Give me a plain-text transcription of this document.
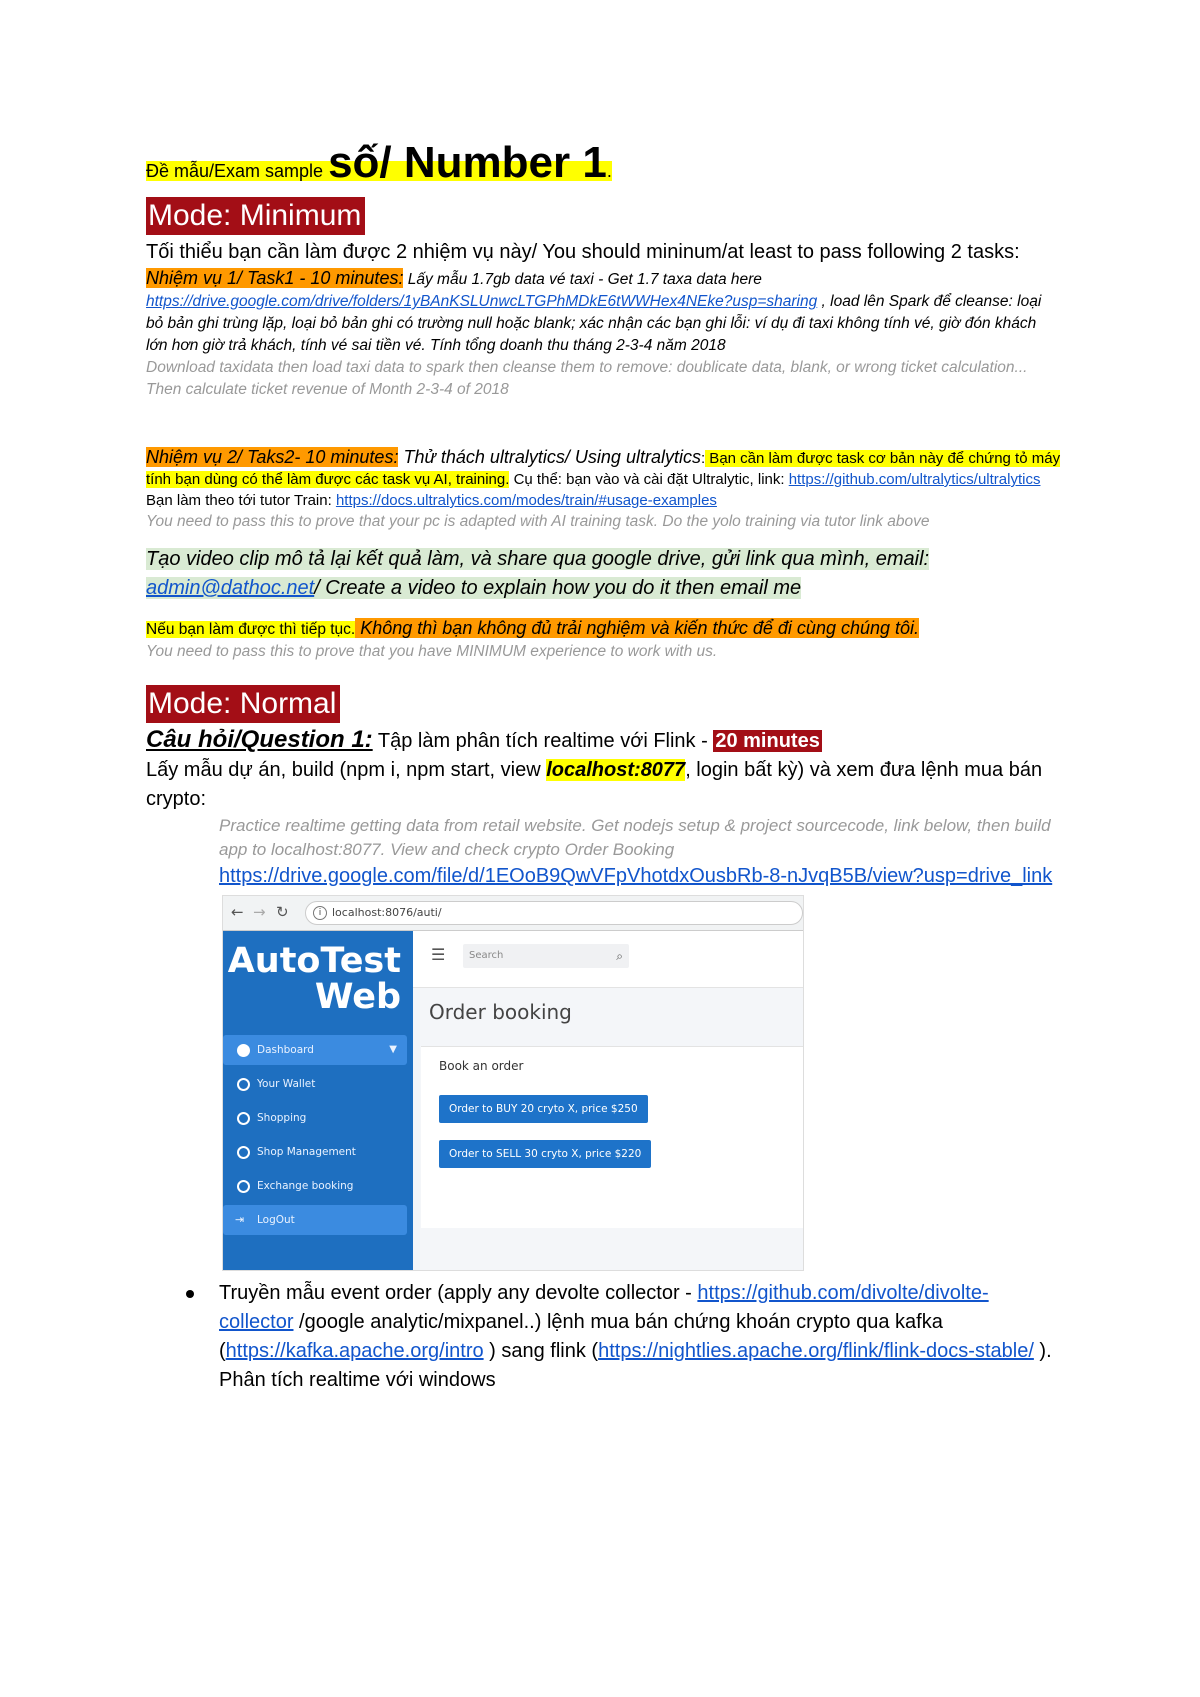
Đề mẫu/Exam sample số/ Number 1.

Mode: Minimum

Tối thiểu bạn cần làm được 2 nhiệm vụ này/ You should mininum/at least to pass following 2 tasks:

Nhiệm vụ 1/ Task1 - 10 minutes: Lấy mẫu 1.7gb data vé taxi - Get 1.7 taxa data here https://drive.google.com/drive/folders/1yBAnKSLUnwcLTGPhMDkE6tWWHex4NEke?usp=sharing , load lên Spark để cleanse: loại bỏ bản ghi trùng lặp, loại bỏ bản ghi có trường null hoặc blank; xác nhận các bạn ghi lỗi: ví dụ đi taxi không tính vé, giờ đón khách lớn hơn giờ trả khách, tính vé sai tiền vé. Tính tổng doanh thu tháng 2-3-4 năm 2018

Download taxidata then load taxi data to spark then cleanse them to remove: doublicate data, blank, or wrong ticket calculation... Then calculate ticket revenue of Month 2-3-4 of 2018

Nhiệm vụ 2/ Taks2- 10 minutes: Thử thách ultralytics/ Using ultralytics: Bạn cần làm được task cơ bản này để chứng tỏ máy tính bạn dùng có thể làm được các task vụ AI, training. Cụ thể: bạn vào và cài đặt Ultralytic, link: https://github.com/ultralytics/ultralytics Bạn làm theo tới tutor Train: https://docs.ultralytics.com/modes/train/#usage-examples

You need to pass this to prove that your pc is adapted with AI training task. Do the yolo training via tutor link above

Tạo video clip mô tả lại kết quả làm, và share qua google drive, gửi link qua mình, email: admin@dathoc.net/ Create a video to explain how you do it then email me

Nếu bạn làm được thì tiếp tục. Không thì bạn không đủ trải nghiệm và kiến thức để đi cùng chúng tôi.

You need to pass this to prove that you have MINIMUM experience to work with us.

Mode: Normal

Câu hỏi/Question 1: Tập làm phân tích realtime với Flink - 20 minutes

Lấy mẫu dự án, build (npm i, npm start, view localhost:8077, login bất kỳ) và xem đưa lệnh mua bán crypto:

Practice realtime getting data from retail website. Get nodejs setup & project sourcecode, link below, then build app to localhost:8077. View and check crypto Order Booking

https://drive.google.com/file/d/1EOoB9QwVFpVhotdxOusbRb-8-nJvqB5B/view?usp=drive_link

← → ↻	i localhost:8076/auti/
AutoTest
Web
Dashboard	▼
Your Wallet
Shopping
Shop Management
Exchange booking
⇥ LogOut
☰	Search	⌕
Order booking
Book an order
Order to BUY 20 cryto X, price $250
Order to SELL 30 cryto X, price $220
Truyền mẫu event order (apply any devolte collector - https://github.com/divolte/divolte-collector /google analytic/mixpanel..) lệnh mua bán chứng khoán crypto qua kafka (https://kafka.apache.org/intro ) sang flink (https://nightlies.apache.org/flink/flink-docs-stable/ ). Phân tích realtime với windows
